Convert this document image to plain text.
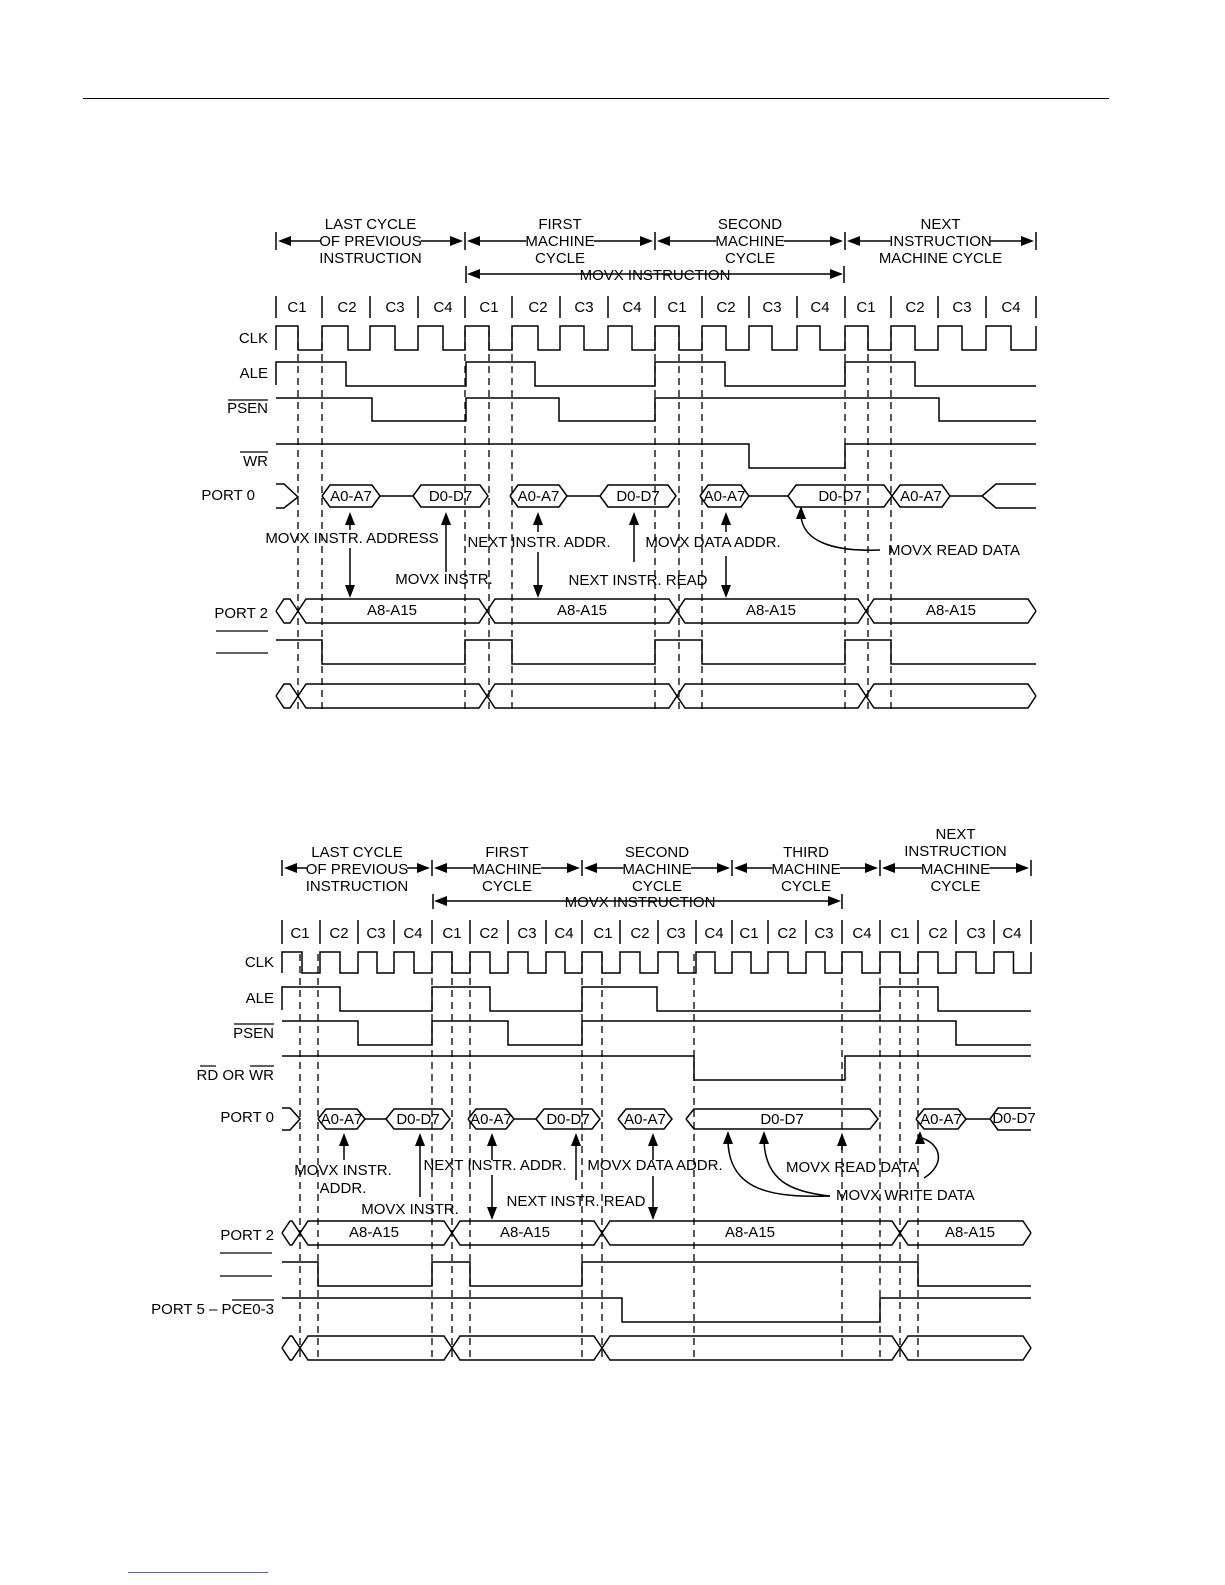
LAST CYCLE
OF PREVIOUS
INSTRUCTION
FIRST
MACHINE
CYCLE
SECOND
MACHINE
CYCLE
NEXT
INSTRUCTION
MACHINE CYCLE
MOVX INSTRUCTION
C1 C2 C3 C4 C1 C2 C3 C4 C1 C2 C3 C4 C1 C2 C3 C4
CLK
ALE
PSEN
WR
PORT 0
PORT 2
A0-A7	D0-D7	A0-A7	D0-D7	A0-A7	D0-D7	A0-A7
A8-A15	A8-A15	A8-A15	A8-A15
MOVX INSTR. ADDRESS
MOVX INSTR.
NEXT INSTR. ADDR.
NEXT INSTR. READ
MOVX DATA ADDR.	MOVX READ DATA
LAST CYCLE
OF PREVIOUS
INSTRUCTION
FIRST
MACHINE
CYCLE
SECOND
MACHINE
CYCLE
THIRD
MACHINE
CYCLE
NEXT
INSTRUCTION
MACHINE
CYCLE
MOVX INSTRUCTION
C1 C2 C3 C4 C1 C2 C3 C4 C1 C2 C3 C4 C1 C2 C3 C4 C1 C2 C3 C4
CLK
ALE
PSEN
RD OR WR
PORT 0
PORT 2
PORT 5 – PCE0-3
A0-A7 D0-D7 A0-A7 D0-D7 A0-A7	D0-D7	A0-A7 D0-D7
A8-A15	A8-A15	A8-A15	A8-A15
MOVX INSTR.
ADDR.
MOVX INSTR.
NEXT INSTR. ADDR.
NEXT INSTR. READ
MOVX DATA ADDR.	MOVX READ DATA
MOVX WRITE DATA
